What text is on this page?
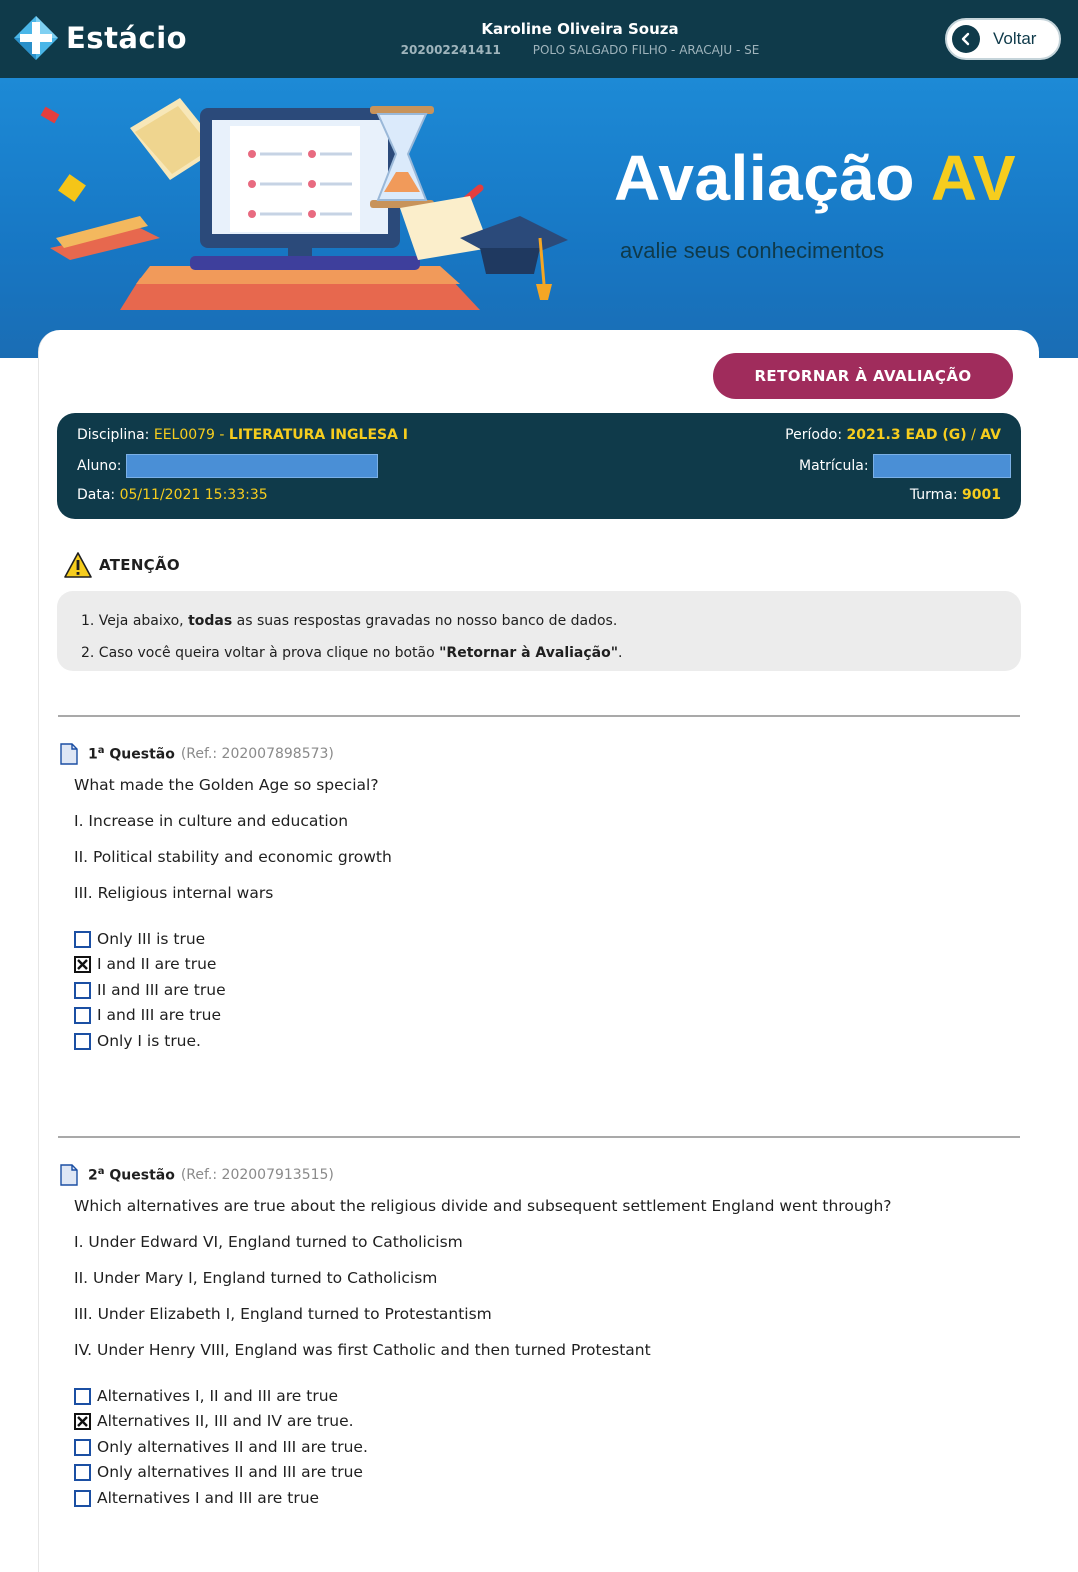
Estácio	Karoline Oliveira Souza
202002241411	POLO SALGADO FILHO - ARACAJU - SE
Voltar
Avaliação AV
avalie seus conhecimentos
RETORNAR À AVALIAÇÃO
Disciplina: EEL0079 - LITERATURA INGLESA I
Aluno:
Data: 05/11/2021 15:33:35
Período: 2021.3 EAD (G) / AV
Matrícula:
Turma: 9001
ATENÇÃO

1. Veja abaixo, todas as suas respostas gravadas no nosso banco de dados.

2. Caso você queira voltar à prova clique no botão "Retornar à Avaliação".

1$^a$ Questão (Ref.: 202007898573)
What made the Golden Age so special?
I. Increase in culture and education
II. Political stability and economic growth
III. Religious internal wars
Only III is true
I and II are true
II and III are true
I and III are true
Only I is true.
2$^a$ Questão (Ref.: 202007913515)
Which alternatives are true about the religious divide and subsequent settlement England went through?
I. Under Edward VI, England turned to Catholicism
II. Under Mary I, England turned to Catholicism
III. Under Elizabeth I, England turned to Protestantism
IV. Under Henry VIII, England was first Catholic and then turned Protestant
Alternatives I, II and III are true
Alternatives II, III and IV are true.
Only alternatives II and III are true.
Only alternatives II and III are true
Alternatives I and III are true
